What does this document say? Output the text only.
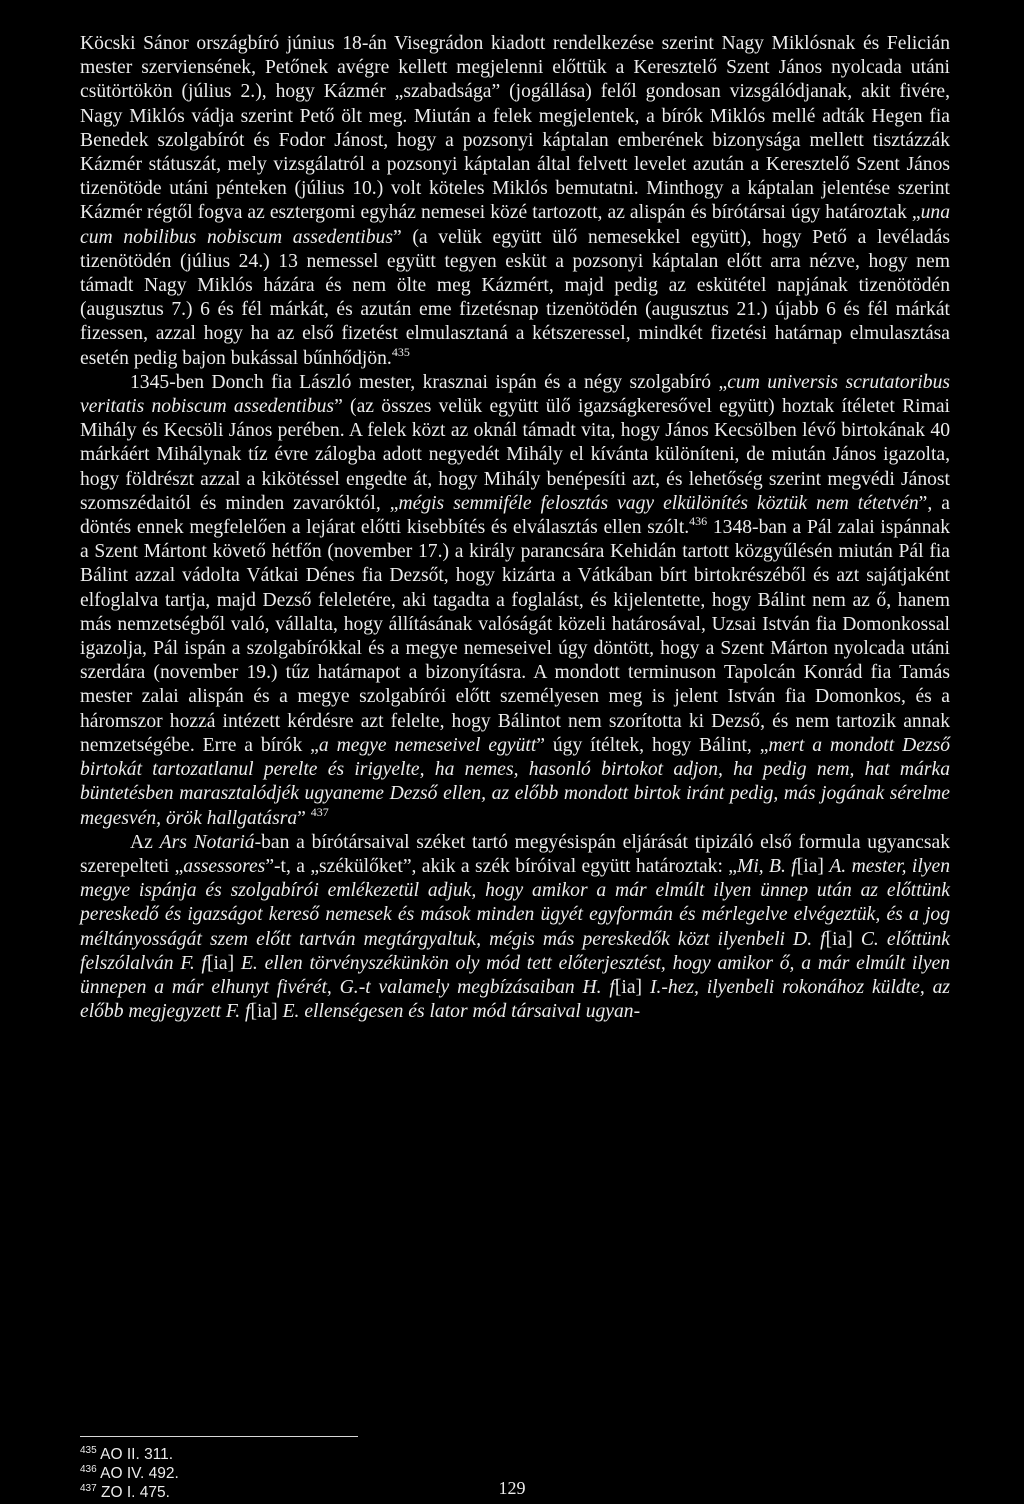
Köcski Sánor országbíró június 18-án Visegrádon kiadott rendelkezése szerint Nagy Miklósnak és Felicián mester szerviensének, Petőnek avégre kellett megjelenni előttük a Keresztelő Szent János nyolcada utáni csütörtökön (július 2.), hogy Kázmér „szabadsága” (jogállása) felől gondosan vizsgálódjanak, akit fivére, Nagy Miklós vádja szerint Pető ölt meg. Miután a felek megjelentek, a bírók Miklós mellé adták Hegen fia Benedek szolgabírót és Fodor Jánost, hogy a pozsonyi káptalan emberének bizonysága mellett tisztázzák Kázmér státuszát, mely vizsgálatról a pozsonyi káptalan által felvett levelet azután a Keresztelő Szent János tizenötöde utáni pénteken (július 10.) volt köteles Miklós bemutatni. Minthogy a káptalan jelentése szerint Kázmér régtől fogva az esztergomi egyház nemesei közé tartozott, az alispán és bírótársai úgy határoztak „una cum nobilibus nobiscum assedentibus” (a velük együtt ülő nemesekkel együtt), hogy Pető a levéladás tizenötödén (július 24.) 13 nemessel együtt tegyen esküt a pozsonyi káptalan előtt arra nézve, hogy nem támadt Nagy Miklós házára és nem ölte meg Kázmért, majd pedig az eskütétel napjának tizenötödén (augusztus 7.) 6 és fél márkát, és azután eme fizetésnap tizenötödén (augusztus 21.) újabb 6 és fél márkát fizessen, azzal hogy ha az első fizetést elmulasztaná a kétszeressel, mindkét fizetési határnap elmulasztása esetén pedig bajon bukással bűnhődjön.$^{435}$

1345-ben Donch fia László mester, krasznai ispán és a négy szolgabíró „cum universis scrutatoribus veritatis nobiscum assedentibus” (az összes velük együtt ülő igazságkeresővel együtt) hoztak ítéletet Rimai Mihály és Kecsöli János perében. A felek közt az oknál támadt vita, hogy János Kecsölben lévő birtokának 40 márkáért Mihálynak tíz évre zálogba adott negyedét Mihály el kívánta különíteni, de miután János igazolta, hogy földrészt azzal a kikötéssel engedte át, hogy Mihály benépesíti azt, és lehetőség szerint megvédi Jánost szomszédaitól és minden zavaróktól, „mégis semmiféle felosztás vagy elkülönítés köztük nem tétetvén”, a döntés ennek megfelelően a lejárat előtti kisebbítés és elválasztás ellen szólt.$^{436}$ 1348-ban a Pál zalai ispánnak a Szent Mártont követő hétfőn (november 17.) a király parancsára Kehidán tartott közgyűlésén miután Pál fia Bálint azzal vádolta Vátkai Dénes fia Dezsőt, hogy kizárta a Vátkában bírt birtokrészéből és azt sajátjaként elfoglalva tartja, majd Dezső feleletére, aki tagadta a foglalást, és kijelentette, hogy Bálint nem az ő, hanem más nemzetségből való, vállalta, hogy állításának valóságát közeli határosával, Uzsai István fia Domonkossal igazolja, Pál ispán a szolgabírókkal és a megye nemeseivel úgy döntött, hogy a Szent Márton nyolcada utáni szerdára (november 19.) tűz határnapot a bizonyításra. A mondott terminuson Tapolcán Konrád fia Tamás mester zalai alispán és a megye szolgabírói előtt személyesen meg is jelent István fia Domonkos, és a háromszor hozzá intézett kérdésre azt felelte, hogy Bálintot nem szorította ki Dezső, és nem tartozik annak nemzetségébe. Erre a bírók „a megye nemeseivel együtt” úgy ítéltek, hogy Bálint, „mert a mondott Dezső birtokát tartozatlanul perelte és irigyelte, ha nemes, hasonló birtokot adjon, ha pedig nem, hat márka büntetésben marasztalódjék ugyaneme Dezső ellen, az előbb mondott birtok iránt pedig, más jogának sérelme megesvén, örök hallgatásra” $^{437}$

Az Ars Notariá-ban a bírótársaival széket tartó megyésispán eljárását tipizáló első formula ugyancsak szerepelteti „assessores”-t, a „székülőket”, akik a szék bíróival együtt határoztak: „Mi, B. f[ia] A. mester, ilyen megye ispánja és szolgabírói emlékezetül adjuk, hogy amikor a már elmúlt ilyen ünnep után az előttünk pereskedő és igazságot kereső nemesek és mások minden ügyét egyformán és mérlegelve elvégeztük, és a jog méltányosságát szem előtt tartván megtárgyaltuk, mégis más pereskedők közt ilyenbeli D. f[ia] C. előttünk felszólalván F. f[ia] E. ellen törvényszékünkön oly mód tett előterjesztést, hogy amikor ő, a már elmúlt ilyen ünnepen a már elhunyt fivérét, G.-t valamely megbízásaiban H. f[ia] I.-hez, ilyenbeli rokonához küldte, az előbb megjegyzett F. f[ia] E. ellenségesen és lator mód társaival ugyan-

$^{435}$ AO II. 311.
$^{436}$ AO IV. 492.
$^{437}$ ZO I. 475.	129
